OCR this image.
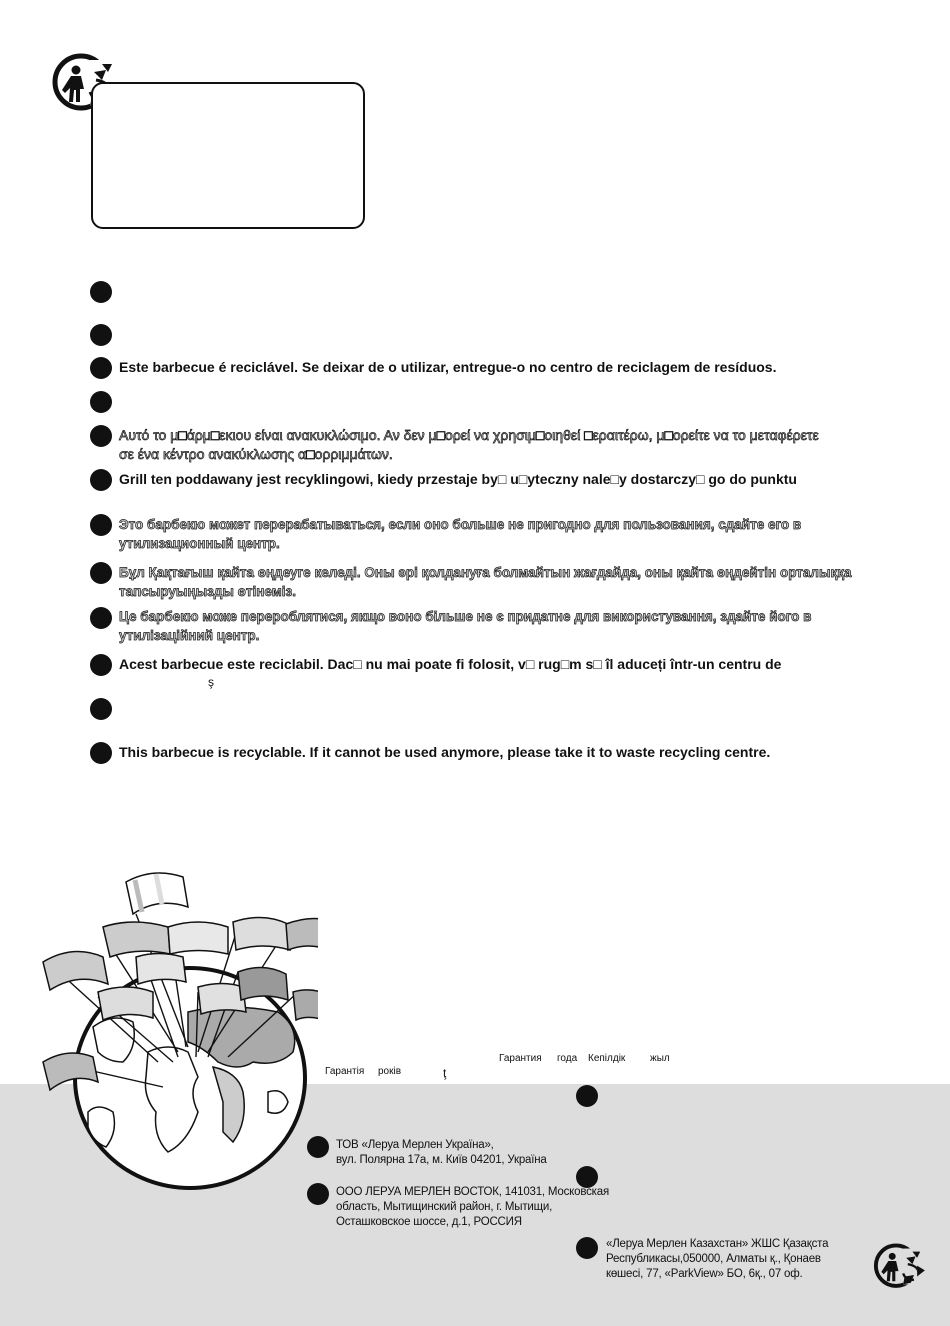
Este barbecue é reciclável. Se deixar de o utilizar, entregue-o no centro de reciclagem de resíduos.
Αυτό το μ□άρμ□εκιου είναι ανακυκλώσιμο. Αν δεν μ□ορεί να χρησιμ□οιηθεί □εραιτέρω, μ□ορείτε να το μεταφέρετε
σε ένα κέντρο ανακύκλωσης α□ορριμμάτων.
Grill ten poddawany jest recyklingowi, kiedy przestaje by□ u□yteczny nale□y dostarczy□ go do punktu
Это барбекю может перерабатываться, если оно больше не пригодно для пользования, сдайте его в
утилизационный центр.
Бұл Қақтағыш қайта өңдеуге келеді. Оны әрі қолдануға болмайтын жағдайда, оны қайта өңдейтін орталыққа
тапсыруыңызды өтінеміз.
Це барбекю може перероблятися, якщо воно більше не є придатне для використування, здайте його в
утилізаційний центр.
Acest barbecue este reciclabil. Dac□ nu mai poate fi folosit, v□ rug□m s□ îl aduceți într-un centru de
ş
This barbecue is recyclable. If it cannot be used anymore, please take it to waste recycling centre.
Гарантія років	ţ
Гарантия года Кепілдік жыл
ТОВ «Леруа Мерлен Україна»,
вул. Полярна 17а, м. Київ 04201, Україна
ООО ЛЕРУА МЕРЛЕН ВОСТОК, 141031, Московская
область, Мытищинский район, г. Мытищи,
Осташковское шоссе, д.1, РОССИЯ
«Леруа Мерлен Казахстан» ЖШС Қазақста
Республикасы,050000, Алматы қ., Қонаев
көшесі, 77, «ParkView» БО, 6қ., 07 оф.
